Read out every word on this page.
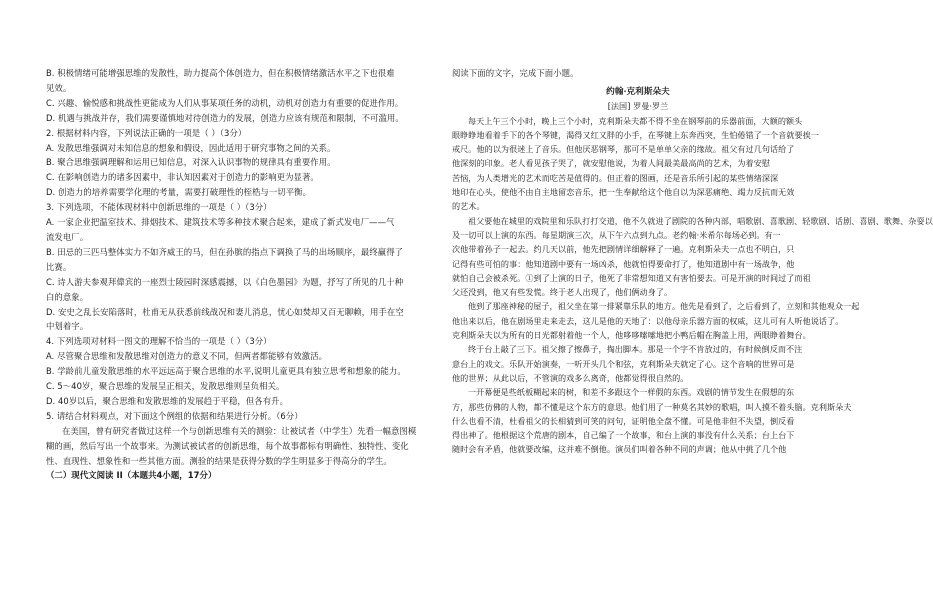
B. 积极情绪可能增强思维的发散性，助力提高个体创造力，但在积极情绪激活水平之下也很难
见效。
C. 兴趣、愉悦感和挑战性更能成为人们从事某项任务的动机，动机对创造力有重要的促进作用。
D. 机遇与挑战并存，我们需要谨慎地对待创造力的发展，创造力应该有规范和限制，不可滥用。
2. 根据材料内容，下列说法正确的一项是（ ）（3分）
A. 发散思维强调对未知信息的想象和假设，因此适用于研究事物之间的关系。
B. 聚合思维强调理解和运用已知信息，对深入认识事物的规律具有重要作用。
C. 在影响创造力的诸多因素中，非认知因素对于创造力的影响更为显著。
D. 创造力的培养需要学化理的考量，需要打破理性的桎梏与一切平衡。
3. 下列选项，不能体现材料中创新思维的一项是（ ）（3分）
A. 一家企业把温室技术、排烟技术、建筑技术等多种技术聚合起来，建成了新式发电厂——气
流发电厂。
B. 田忌的三匹马整体实力不如齐威王的马，但在孙膑的指点下调换了马的出场顺序，最终赢得了
比赛。
C. 诗人游夫参观拜偉宾的一座烈士陵园时深感震撼，以《白色墨园》为题，抒写了所见的几十种
白的意象。
D. 安史之乱长安陷落时，杜甫无从获悉前线战况和妻儿消息，忧心如焚却又百无聊赖，用手在空
中划着字。
4. 下列选项对材料一图文的理解不恰当的一项是（ ）（3分）
A. 尽管聚合思维和发散思维对创造力的意义不同，但两者都能够有效激活。
B. 学龄前儿童发散思维的水平远远高于聚合思维的水平,说明儿童更具有独立思考和想象的能力。
C. 5～40岁，聚合思维的发展呈正相关，发散思维则呈负相关。
D. 40岁以后，聚合思维和发散思维的发展趋于平稳，但各有升。
5. 请结合材料观点，对下面这个例组的依据和结果进行分析。（6分）
在美国，曾有研究者做过这样一个与创新思维有关的测验：让被试者（中学生）先看一幅意图模
糊的画，然后写出一个故事来。为测试被试者的创新思维，每个故事都标有明确性、独特性、变化
性、直现性、想象性和一些其他方面。测验的结果是获得分数的学生明显多于得高分的学生。
（二）现代文阅读 II（本题共4小题，17分）
阅读下面的文字，完成下面小题。
约翰·克利斯朵夫
[法国] 罗曼·罗兰
每天上午三个小时，晚上三个小时，克利斯朵夫都不得不坐在钢琴前的乐器前面，大额的额头
眼睁睁地看着手下的各个琴键，渴得又红又胖的小手，在琴键上东奔西突，生怕倦错了一个音就要挨一
戒尺。他的以为很迷上了音乐。但他厌恶钢琴，那可不是单单父亲的缘故。祖父有过几句话给了
他深刻的印象。老人看见孩子哭了，就安慰他说，为着人间最美最高尚的艺术，为着安慰
苦恼，为人类增光的艺术而吃苦是值得的。但正着的图画，还是音乐所引起的某些情绪深深
地印在心头，使他不由自主地留恋音乐，把一生奉献给这个他自以为深恶痛绝、竭力反抗而无效
的艺术。
祖父要他在城里的戏院里和乐队打打交道，他不久就进了剧院的各种内部，唱歌剧、喜歌剧、轻歌剧、话剧、喜剧、歌舞、杂耍以
及一切可以上演的东西。每星期演三次，从下午六点到九点。老约翰·米希尔每场必到。有一
次他带着孙子一起去。约几天以前，他先把剧情详细解释了一遍。克利斯朵夫一点也不明白，只
记得有些可怕的事：他知道剧中要有一场凶杀，他就怕得要命打了，他知道剧中有一场战争，他
就怕自己会被杀死。①到了上演的日子，他死了非常想知道又有害怕要去。可是开演的时间过了而祖
父还没到，他又有些发慌。终于老人出现了，他们俩动身了。
他到了那座神秘的屋子，祖父坐在第一排紧靠乐队的地方。他先是看到了，之后看到了，立刻和其他观众一起
他出来以后，他在剧场里走来走去，这儿是他的天地了：以他母亲乐器方面的权威，这儿可有人听他说话了。
克利斯朵夫以为所有的日光都射着他一个人，他哆哆嗦嗦地把小鸭后帽在胸盖上用，两眼睁着舞台。
终于台上敲了三下。祖父擦了擦鼻子，掏出脚本。那是一个字不肯放过的，有时候倒反而不注
意台上的戏文。乐队开始演奏，一听开头几个和弦，克利斯朵夫就定了心。这个音响的世界可是
他的世界；从此以后，不管演的戏多么离奇，他都觉得很自然的。
一开幕便是些纸板糊起来的树，和差不多跟这个一样假的东西。戏剧的情节发生在假想的东
方，那些仿佛的人物，都不懂是这个东方的意思。他们用了一种莫名其妙的歌唱，叫人摸不着头脑。克利斯朵夫
什么也看不清，杜看祖父的长相猜到可笑的问句，证明他全盘不懂。可是他非但不失望，倒反看
得出神了。他根据这个荒唐的剧本，自己编了一个故事，和台上演的事没有什么关系；台上台下
随时会有矛盾，他就要改编，这并难不倒他。演员们叫着各种不同的声调；他从中挑了几个他
